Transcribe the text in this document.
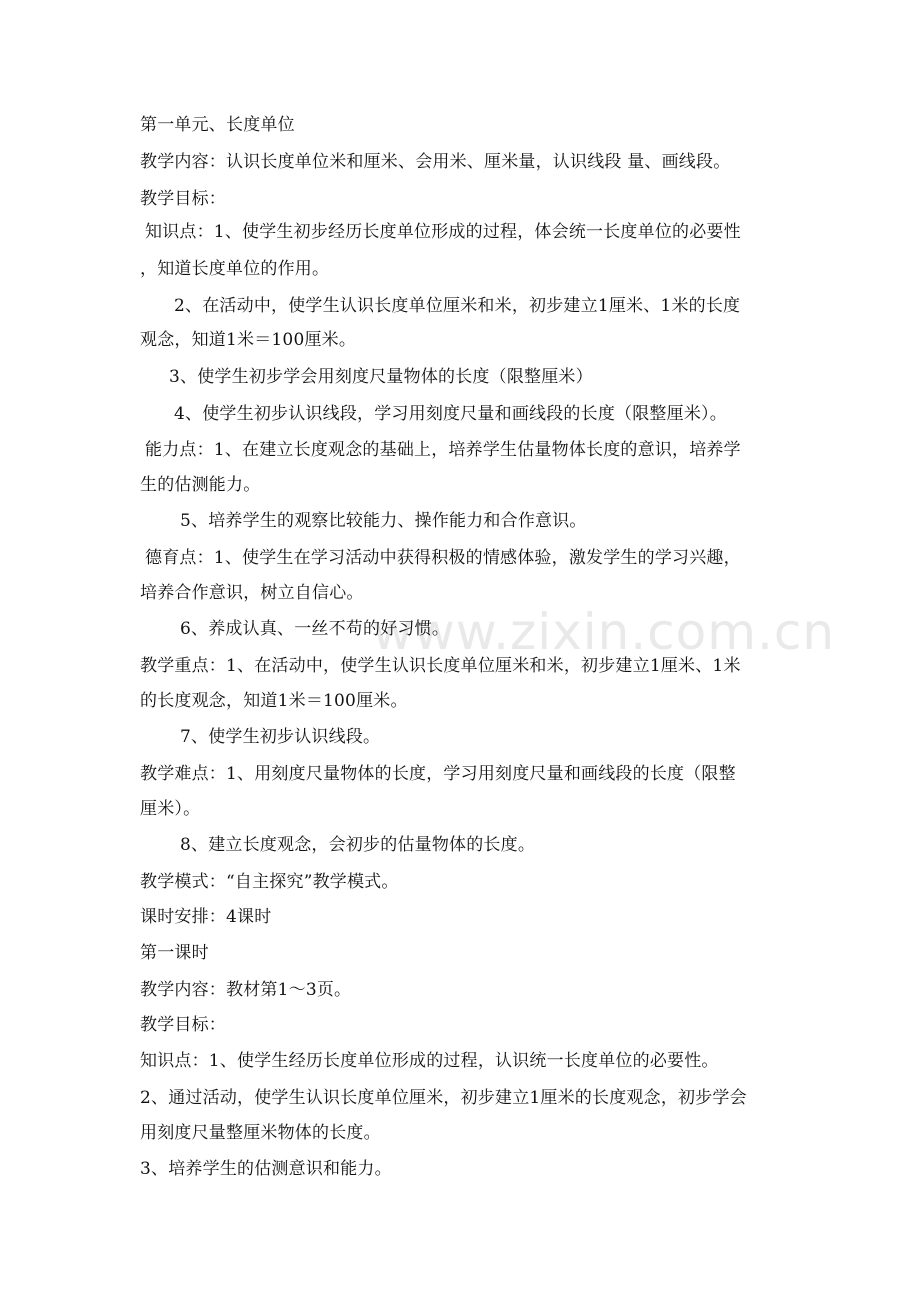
www.zixin.com.cn
第一单元、长度单位
教学内容：认识长度单位米和厘米、会用米、厘米量，认识线段 量、画线段。
教学目标：
知识点：1、使学生初步经历长度单位形成的过程，体会统一长度单位的必要性
，知道长度单位的作用。
2、在活动中，使学生认识长度单位厘米和米，初步建立1厘米、1米的长度
观念，知道1米＝100厘米。
3、使学生初步学会用刻度尺量物体的长度（限整厘米）
4、使学生初步认识线段，学习用刻度尺量和画线段的长度（限整厘米）。
能力点：1、在建立长度观念的基础上，培养学生估量物体长度的意识，培养学
生的估测能力。
5、培养学生的观察比较能力、操作能力和合作意识。
德育点：1、使学生在学习活动中获得积极的情感体验，激发学生的学习兴趣，
培养合作意识，树立自信心。
6、养成认真、一丝不苟的好习惯。
教学重点：1、在活动中，使学生认识长度单位厘米和米，初步建立1厘米、1米
的长度观念，知道1米＝100厘米。
7、使学生初步认识线段。
教学难点：1、用刻度尺量物体的长度，学习用刻度尺量和画线段的长度（限整
厘米）。
8、建立长度观念，会初步的估量物体的长度。
教学模式：“自主探究”教学模式。
课时安排：4课时
第一课时
教学内容：教材第1～3页。
教学目标：
知识点：1、使学生经历长度单位形成的过程，认识统一长度单位的必要性。
2、通过活动，使学生认识长度单位厘米，初步建立1厘米的长度观念，初步学会
用刻度尺量整厘米物体的长度。
3、培养学生的估测意识和能力。
